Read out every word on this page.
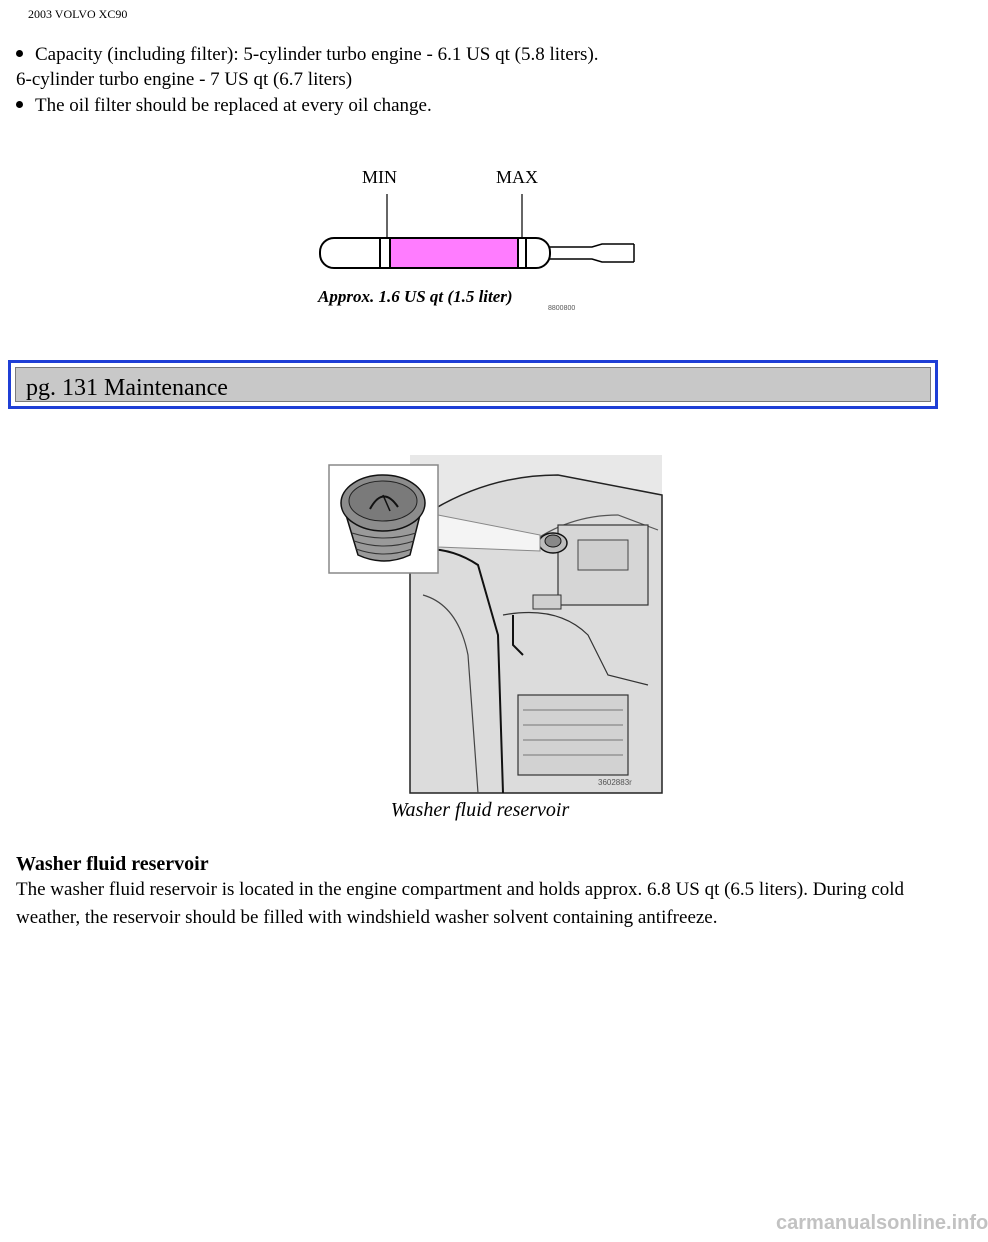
2003 VOLVO XC90
Capacity (including filter): 5-cylinder turbo engine - 6.1 US qt (5.8 liters).
6-cylinder turbo engine - 7 US qt (6.7 liters)
The oil filter should be replaced at every oil change.
MIN	MAX
Approx. 1.6 US qt (1.5 liter)
8800800
pg. 131 Maintenance
3602883r
Washer fluid reservoir
Washer fluid reservoir
The washer fluid reservoir is located in the engine compartment and holds approx. 6.8 US qt (6.5 liters). During cold weather, the reservoir should be filled with windshield washer solvent containing antifreeze.
carmanualsonline.info
